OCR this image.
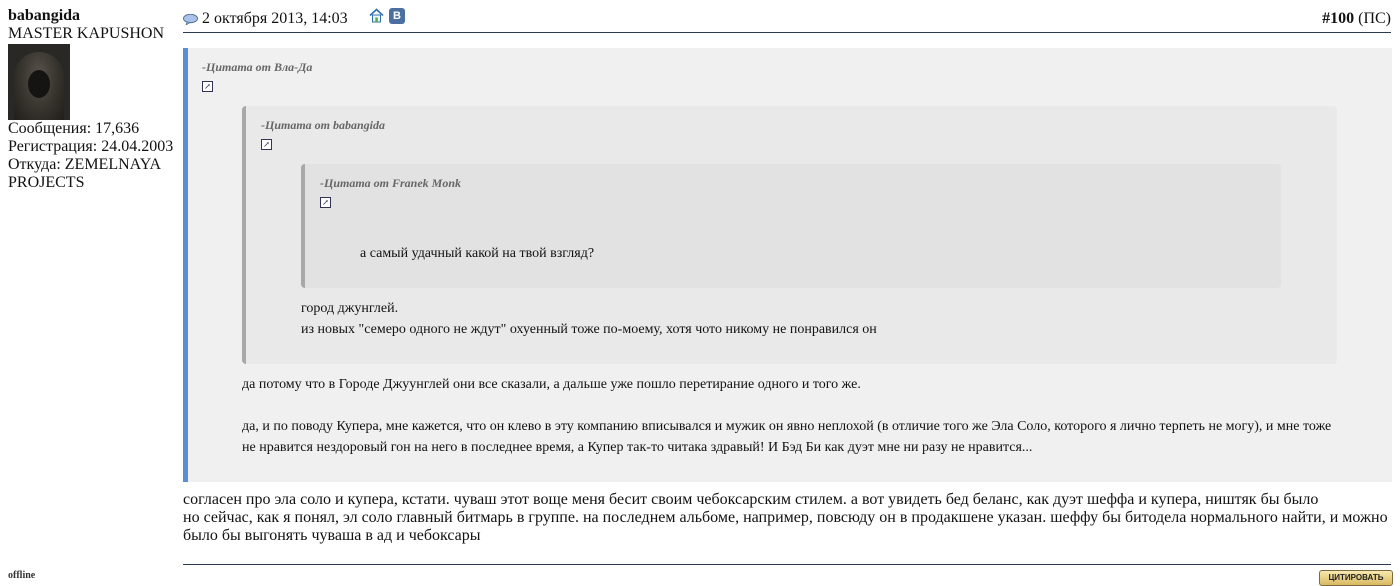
babangida
MASTER KAPUSHON
Сообщения: 17,636
Регистрация: 24.04.2003
Откуда: ZEMELNAYA PROJECTS
offline
2 октября 2013, 14:03	В	#100 (ПС)
-Цитата от Вла-Да
↗
да потому что в Городе Джуунглей они все сказали, а дальше уже пошло перетирание одного и того же.
да, и по поводу Купера, мне кажется, что он клево в эту компанию вписывался и мужик он явно неплохой (в отличие того же Эла Соло, которого я лично терпеть не могу), и мне тоже
не нравится нездоровый гон на него в последнее время, а Купер так-то читака здравый! И Бэд Би как дуэт мне ни разу не нравится...
-Цитата от babangida
↗
город джунглей.
из новых "семеро одного не ждут" охуенный тоже по-моему, хотя чото никому не понравился он
-Цитата от Franek Monk
↗
а самый удачный какой на твой взгляд?
согласен про эла соло и купера, кстати. чуваш этот воще меня бесит своим чебоксарским стилем. а вот увидеть бед беланс, как дуэт шеффа и купера, ништяк бы было
но сейчас, как я понял, эл соло главный битмарь в группе. на последнем альбоме, например, повсюду он в продакшене указан. шеффу бы битодела нормального найти, и можно было бы выгонять чуваша в ад и чебоксары
ЦИТИРОВАТЬ
